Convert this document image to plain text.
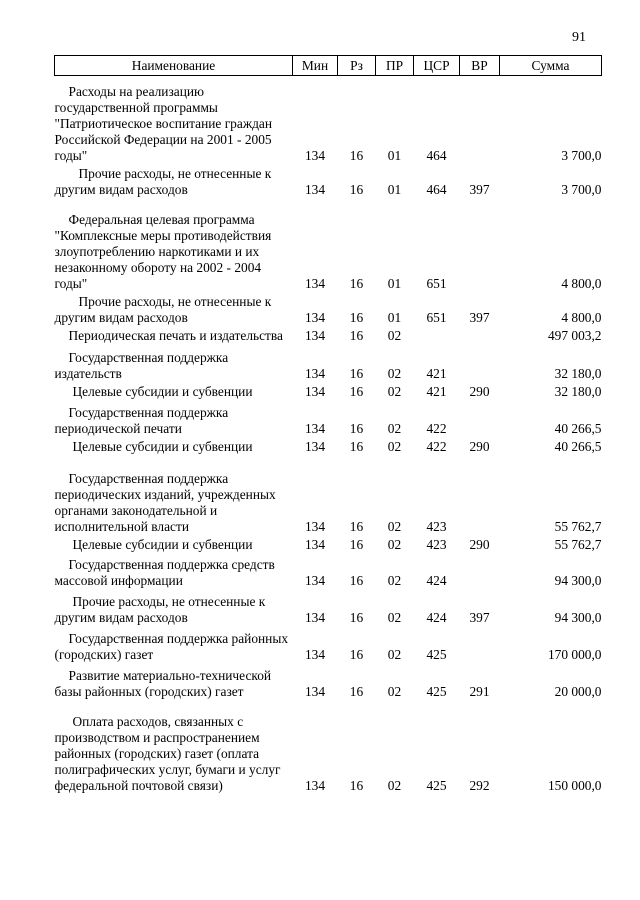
91
Наименование	Мин	Рз	ПР	ЦСР	ВР	Сумма

Расходы на реализацию государственной программы "Патриотическое воспитание граждан Российской Федерации на 2001 - 2005 годы"	134	16	01	464		3 700,0

Прочие расходы, не отнесенные к другим видам расходов	134	16	01	464	397	3 700,0

Федеральная целевая программа "Комплексные меры противодействия злоупотреблению наркотиками и их незаконному обороту на 2002 - 2004 годы"	134	16	01	651		4 800,0

Прочие расходы, не отнесенные к другим видам расходов	134	16	01	651	397	4 800,0

Периодическая печать и издательства	134	16	02			497 003,2

Государственная поддержка издательств	134	16	02	421		32 180,0

Целевые субсидии и субвенции	134	16	02	421	290	32 180,0

Государственная поддержка периодической печати	134	16	02	422		40 266,5

Целевые субсидии и субвенции	134	16	02	422	290	40 266,5

Государственная поддержка периодических изданий, учрежденных органами законодательной и исполнительной власти	134	16	02	423		55 762,7

Целевые субсидии и субвенции	134	16	02	423	290	55 762,7

Государственная поддержка средств массовой информации	134	16	02	424		94 300,0

Прочие расходы, не отнесенные к другим видам расходов	134	16	02	424	397	94 300,0

Государственная поддержка районных (городских) газет	134	16	02	425		170 000,0

Развитие материально-технической базы районных (городских) газет	134	16	02	425	291	20 000,0

Оплата расходов, связанных с производством и распространением районных (городских) газет (оплата полиграфических услуг, бумаги и услуг федеральной почтовой связи)	134	16	02	425	292	150 000,0
